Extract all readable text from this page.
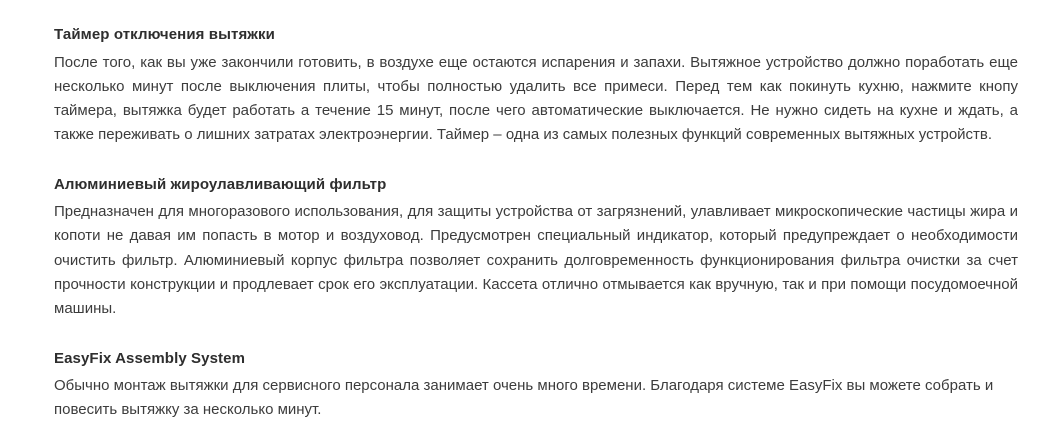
Таймер отключения вытяжки

После того, как вы уже закончили готовить, в воздухе еще остаются испарения и запахи. Вытяжное устройство должно поработать еще несколько минут после выключения плиты, чтобы полностью удалить все примеси. Перед тем как покинуть кухню, нажмите кнопу таймера, вытяжка будет работать а течение 15 минут, после чего автоматические выключается. Не нужно сидеть на кухне и ждать, а также переживать о лишних затратах электроэнергии. Таймер – одна из самых полезных функций современных вытяжных устройств.

Алюминиевый жироулавливающий фильтр

Предназначен для многоразового использования, для защиты устройства от загрязнений, улавливает микроскопические частицы жира и копоти не давая им попасть в мотор и воздуховод. Предусмотрен специальный индикатор, который предупреждает о необходимости очистить фильтр. Алюминиевый корпус фильтра позволяет сохранить долговременность функционирования фильтра очистки за счет прочности конструкции и продлевает срок его эксплуатации. Кассета отлично отмывается как вручную, так и при помощи посудомоечной машины.

EasyFix Assembly System

Обычно монтаж вытяжки для сервисного персонала занимает очень много времени. Благодаря системе EasyFix вы можете собрать и повесить вытяжку за несколько минут.
